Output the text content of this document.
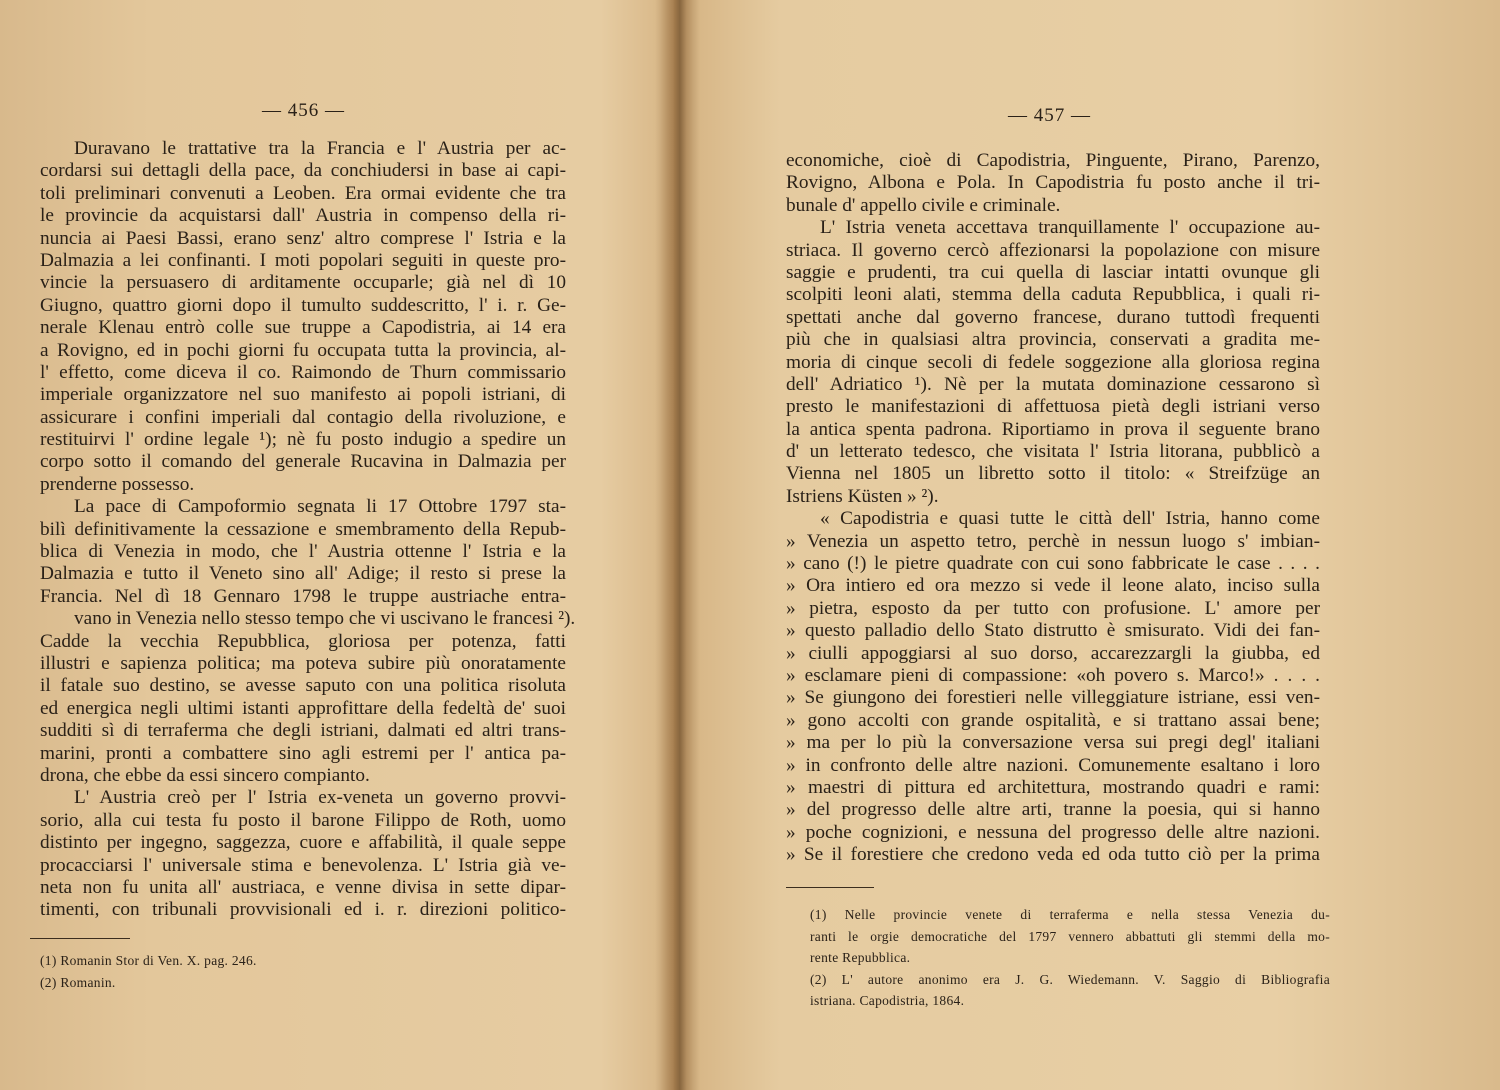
— 456 —
Duravano le trattative tra la Francia e l' Austria per ac-
cordarsi sui dettagli della pace, da conchiudersi in base ai capi-
toli preliminari convenuti a Leoben. Era ormai evidente che tra
le provincie da acquistarsi dall' Austria in compenso della ri-
nuncia ai Paesi Bassi, erano senz' altro comprese l' Istria e la
Dalmazia a lei confinanti. I moti popolari seguiti in queste pro-
vincie la persuasero di arditamente occuparle; già nel dì 10
Giugno, quattro giorni dopo il tumulto suddescritto, l' i. r. Ge-
nerale Klenau entrò colle sue truppe a Capodistria, ai 14 era
a Rovigno, ed in pochi giorni fu occupata tutta la provincia, al-
l' effetto, come diceva il co. Raimondo de Thurn commissario
imperiale organizzatore nel suo manifesto ai popoli istriani, di
assicurare i confini imperiali dal contagio della rivoluzione, e
restituirvi l' ordine legale ¹); nè fu posto indugio a spedire un
corpo sotto il comando del generale Rucavina in Dalmazia per
prenderne possesso.
La pace di Campoformio segnata li 17 Ottobre 1797 sta-
bilì definitivamente la cessazione e smembramento della Repub-
blica di Venezia in modo, che l' Austria ottenne l' Istria e la
Dalmazia e tutto il Veneto sino all' Adige; il resto si prese la
Francia. Nel dì 18 Gennaro 1798 le truppe austriache entra-
vano in Venezia nello stesso tempo che vi uscivano le francesi ²).
Cadde la vecchia Repubblica, gloriosa per potenza, fatti
illustri e sapienza politica; ma poteva subire più onoratamente
il fatale suo destino, se avesse saputo con una politica risoluta
ed energica negli ultimi istanti approfittare della fedeltà de' suoi
sudditi sì di terraferma che degli istriani, dalmati ed altri trans-
marini, pronti a combattere sino agli estremi per l' antica pa-
drona, che ebbe da essi sincero compianto.
L' Austria creò per l' Istria ex-veneta un governo provvi-
sorio, alla cui testa fu posto il barone Filippo de Roth, uomo
distinto per ingegno, saggezza, cuore e affabilità, il quale seppe
procacciarsi l' universale stima e benevolenza. L' Istria già ve-
neta non fu unita all' austriaca, e venne divisa in sette dipar-
timenti, con tribunali provvisionali ed i. r. direzioni politico-
(1) Romanin Stor di Ven. X. pag. 246.
(2) Romanin.
— 457 —
economiche, cioè di Capodistria, Pinguente, Pirano, Parenzo,
Rovigno, Albona e Pola. In Capodistria fu posto anche il tri-
bunale d' appello civile e criminale.
L' Istria veneta accettava tranquillamente l' occupazione au-
striaca. Il governo cercò affezionarsi la popolazione con misure
saggie e prudenti, tra cui quella di lasciar intatti ovunque gli
scolpiti leoni alati, stemma della caduta Repubblica, i quali ri-
spettati anche dal governo francese, durano tuttodì frequenti
più che in qualsiasi altra provincia, conservati a gradita me-
moria di cinque secoli di fedele soggezione alla gloriosa regina
dell' Adriatico ¹). Nè per la mutata dominazione cessarono sì
presto le manifestazioni di affettuosa pietà degli istriani verso
la antica spenta padrona. Riportiamo in prova il seguente brano
d' un letterato tedesco, che visitata l' Istria litorana, pubblicò a
Vienna nel 1805 un libretto sotto il titolo: « Streifzüge an
Istriens Küsten » ²).
« Capodistria e quasi tutte le città dell' Istria, hanno come
» Venezia un aspetto tetro, perchè in nessun luogo s' imbian-
» cano (!) le pietre quadrate con cui sono fabbricate le case . . . .
» Ora intiero ed ora mezzo si vede il leone alato, inciso sulla
» pietra, esposto da per tutto con profusione. L' amore per
» questo palladio dello Stato distrutto è smisurato. Vidi dei fan-
» ciulli appoggiarsi al suo dorso, accarezzargli la giubba, ed
» esclamare pieni di compassione: «oh povero s. Marco!» . . . .
» Se giungono dei forestieri nelle villeggiature istriane, essi ven-
» gono accolti con grande ospitalità, e si trattano assai bene;
» ma per lo più la conversazione versa sui pregi degl' italiani
» in confronto delle altre nazioni. Comunemente esaltano i loro
» maestri di pittura ed architettura, mostrando quadri e rami:
» del progresso delle altre arti, tranne la poesia, qui si hanno
» poche cognizioni, e nessuna del progresso delle altre nazioni.
» Se il forestiere che credono veda ed oda tutto ciò per la prima
(1) Nelle provincie venete di terraferma e nella stessa Venezia du-
ranti le orgie democratiche del 1797 vennero abbattuti gli stemmi della mo-
rente Repubblica.
(2) L' autore anonimo era J. G. Wiedemann. V. Saggio di Bibliografia
istriana. Capodistria, 1864.
